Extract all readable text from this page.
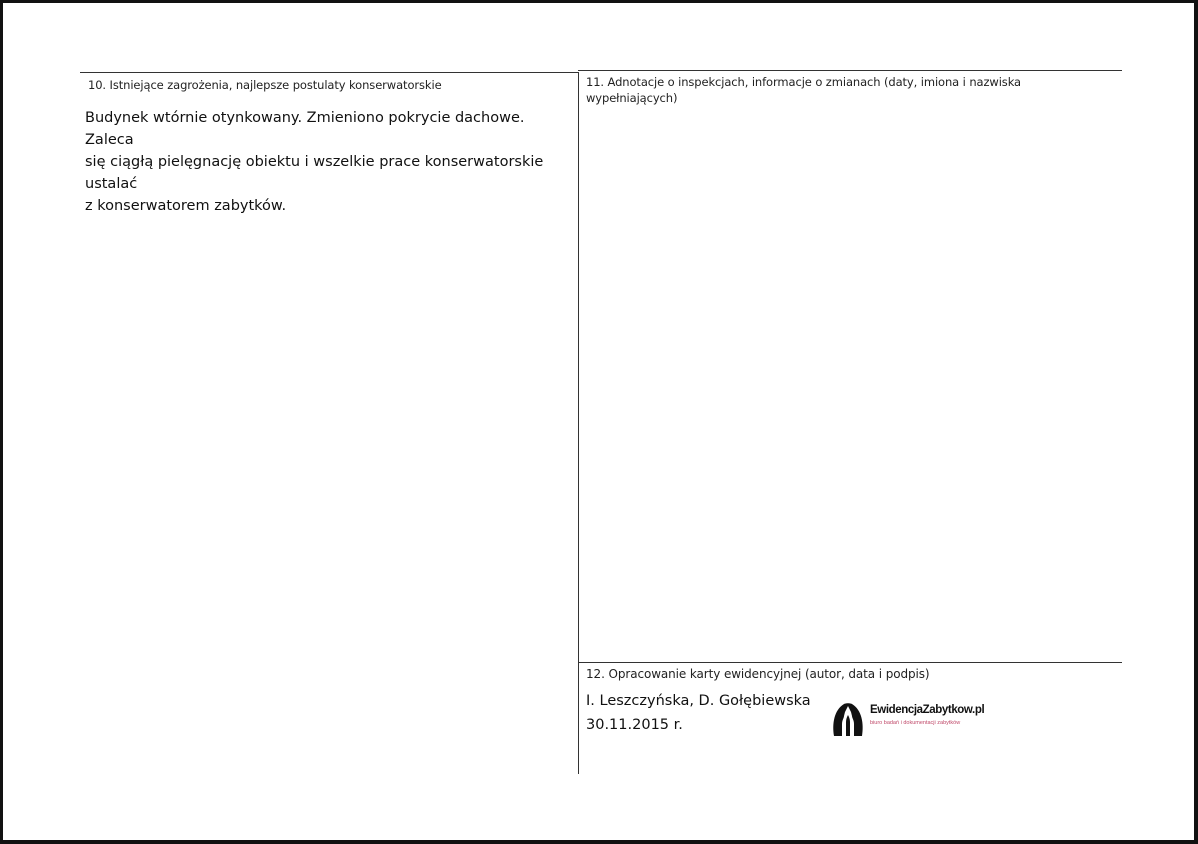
10. Istniejące zagrożenia, najlepsze postulaty konserwatorskie
Budynek wtórnie otynkowany. Zmieniono pokrycie dachowe. Zaleca
się ciągłą pielęgnację obiektu i wszelkie prace konserwatorskie ustalać
z konserwatorem zabytków.
11. Adnotacje o inspekcjach, informacje o zmianach (daty, imiona i nazwiska
wypełniających)
12. Opracowanie karty ewidencyjnej (autor, data i podpis)
I. Leszczyńska, D. Gołębiewska
30.11.2015 r.
EwidencjaZabytkow.pl
biuro badań i dokumentacji zabytków
